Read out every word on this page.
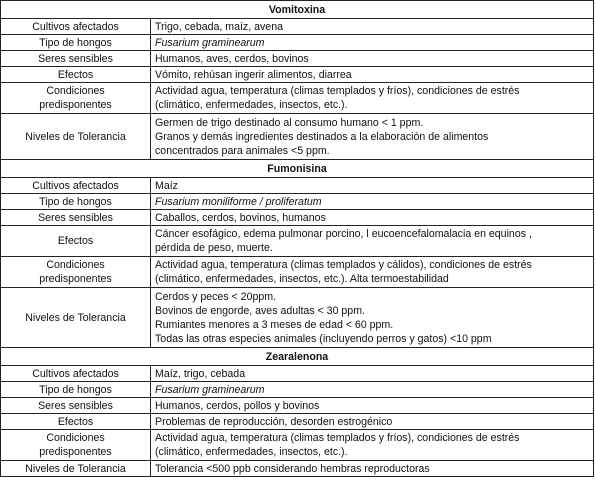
Vomitoxina	
Cultivos afectados	Trigo, cebada, maíz, avena
Tipo de hongos	Fusarium graminearum
Seres sensibles	Humanos, aves, cerdos, bovinos
Efectos	Vómito, rehúsan ingerir alimentos, diarrea

Condiciones
predisponentes	Actividad agua, temperatura (climas templados y fríos), condiciones de estrés
(climático, enfermedades, insectos, etc.).

Niveles de Tolerancia	Germen de trigo destinado al consumo humano < 1 ppm.
Granos y demás ingredientes destinados a la elaboración de alimentos
concentrados para animales <5 ppm.

Fumonisina	
Cultivos afectados	Maíz
Tipo de hongos	Fusarium moniliforme / proliferatum
Seres sensibles	Caballos, cerdos, bovinos, humanos
Efectos	Cáncer esofágico, edema pulmonar porcino, l eucoencefalomalacia en equinos ,
pérdida de peso, muerte.

Condiciones
predisponentes	Actividad agua, temperatura (climas templados y cálidos), condiciones de estrés
(climático, enfermedades, insectos, etc.). Alta termoestabilidad

Niveles de Tolerancia	Cerdos y peces < 20ppm.
Bovinos de engorde, aves adultas < 30 ppm.
Rumiantes menores a 3 meses de edad < 60 ppm.
Todas las otras especies animales (incluyendo perros y gatos) <10 ppm

Zearalenona	
Cultivos afectados	Maíz, trigo, cebada
Tipo de hongos	Fusarium graminearum
Seres sensibles	Humanos, cerdos, pollos y bovinos
Efectos	Problemas de reproducción, desorden estrogénico

Condiciones
predisponentes	Actividad agua, temperatura (climas templados y fríos), condiciones de estrés
(climático, enfermedades, insectos, etc.).

Niveles de Tolerancia	Tolerancia <500 ppb considerando hembras reproductoras
